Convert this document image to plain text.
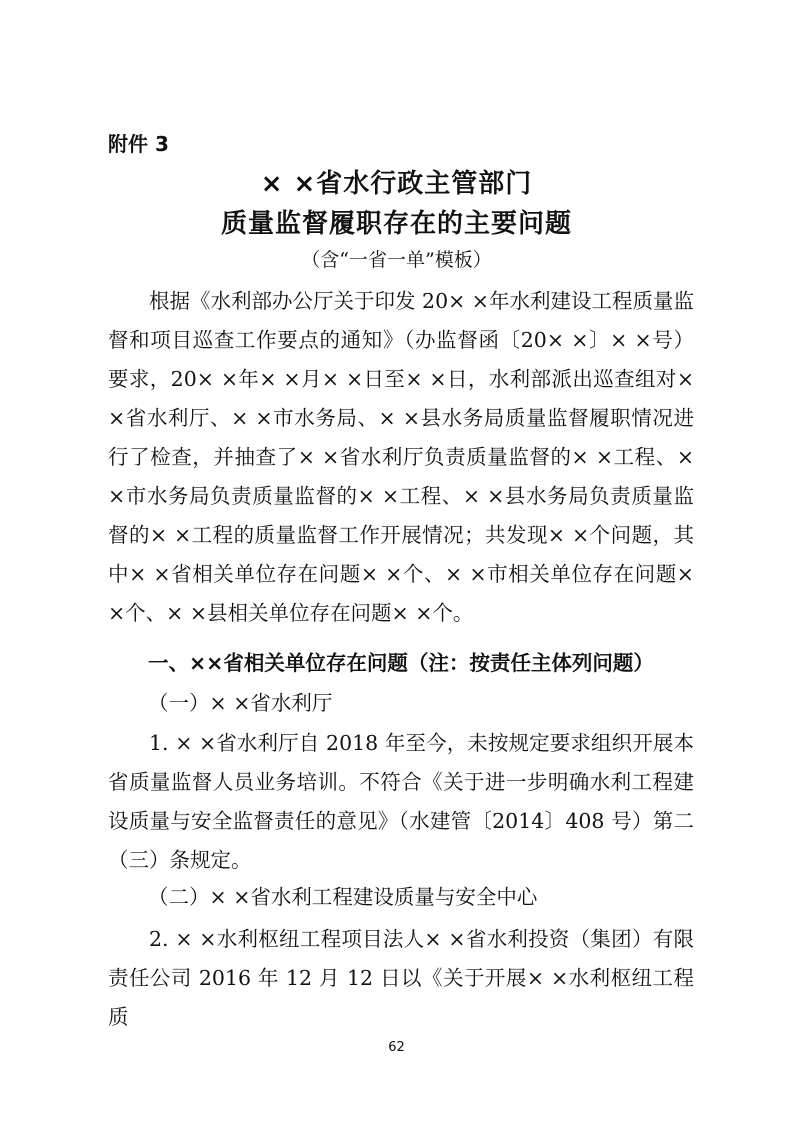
附件 3
× ×省水行政主管部门
质量监督履职存在的主要问题
（含“一省一单”模板）
根据《水利部办公厅关于印发 20× ×年水利建设工程质量监督和项目巡查工作要点的通知》（办监督函〔20× ×〕× ×号）要求，20× ×年× ×月× ×日至× ×日，水利部派出巡查组对× ×省水利厅、× ×市水务局、× ×县水务局质量监督履职情况进行了检查，并抽查了× ×省水利厅负责质量监督的× ×工程、× ×市水务局负责质量监督的× ×工程、× ×县水务局负责质量监督的× ×工程的质量监督工作开展情况；共发现× ×个问题，其中× ×省相关单位存在问题× ×个、× ×市相关单位存在问题× ×个、× ×县相关单位存在问题× ×个。
一、××省相关单位存在问题（注：按责任主体列问题）
（一）× ×省水利厅
1. × ×省水利厅自 2018 年至今，未按规定要求组织开展本省质量监督人员业务培训。不符合《关于进一步明确水利工程建设质量与安全监督责任的意见》（水建管〔2014〕408 号）第二（三）条规定。
（二）× ×省水利工程建设质量与安全中心
2. × ×水利枢纽工程项目法人× ×省水利投资（集团）有限责任公司 2016 年 12 月 12 日以《关于开展× ×水利枢纽工程质
62
